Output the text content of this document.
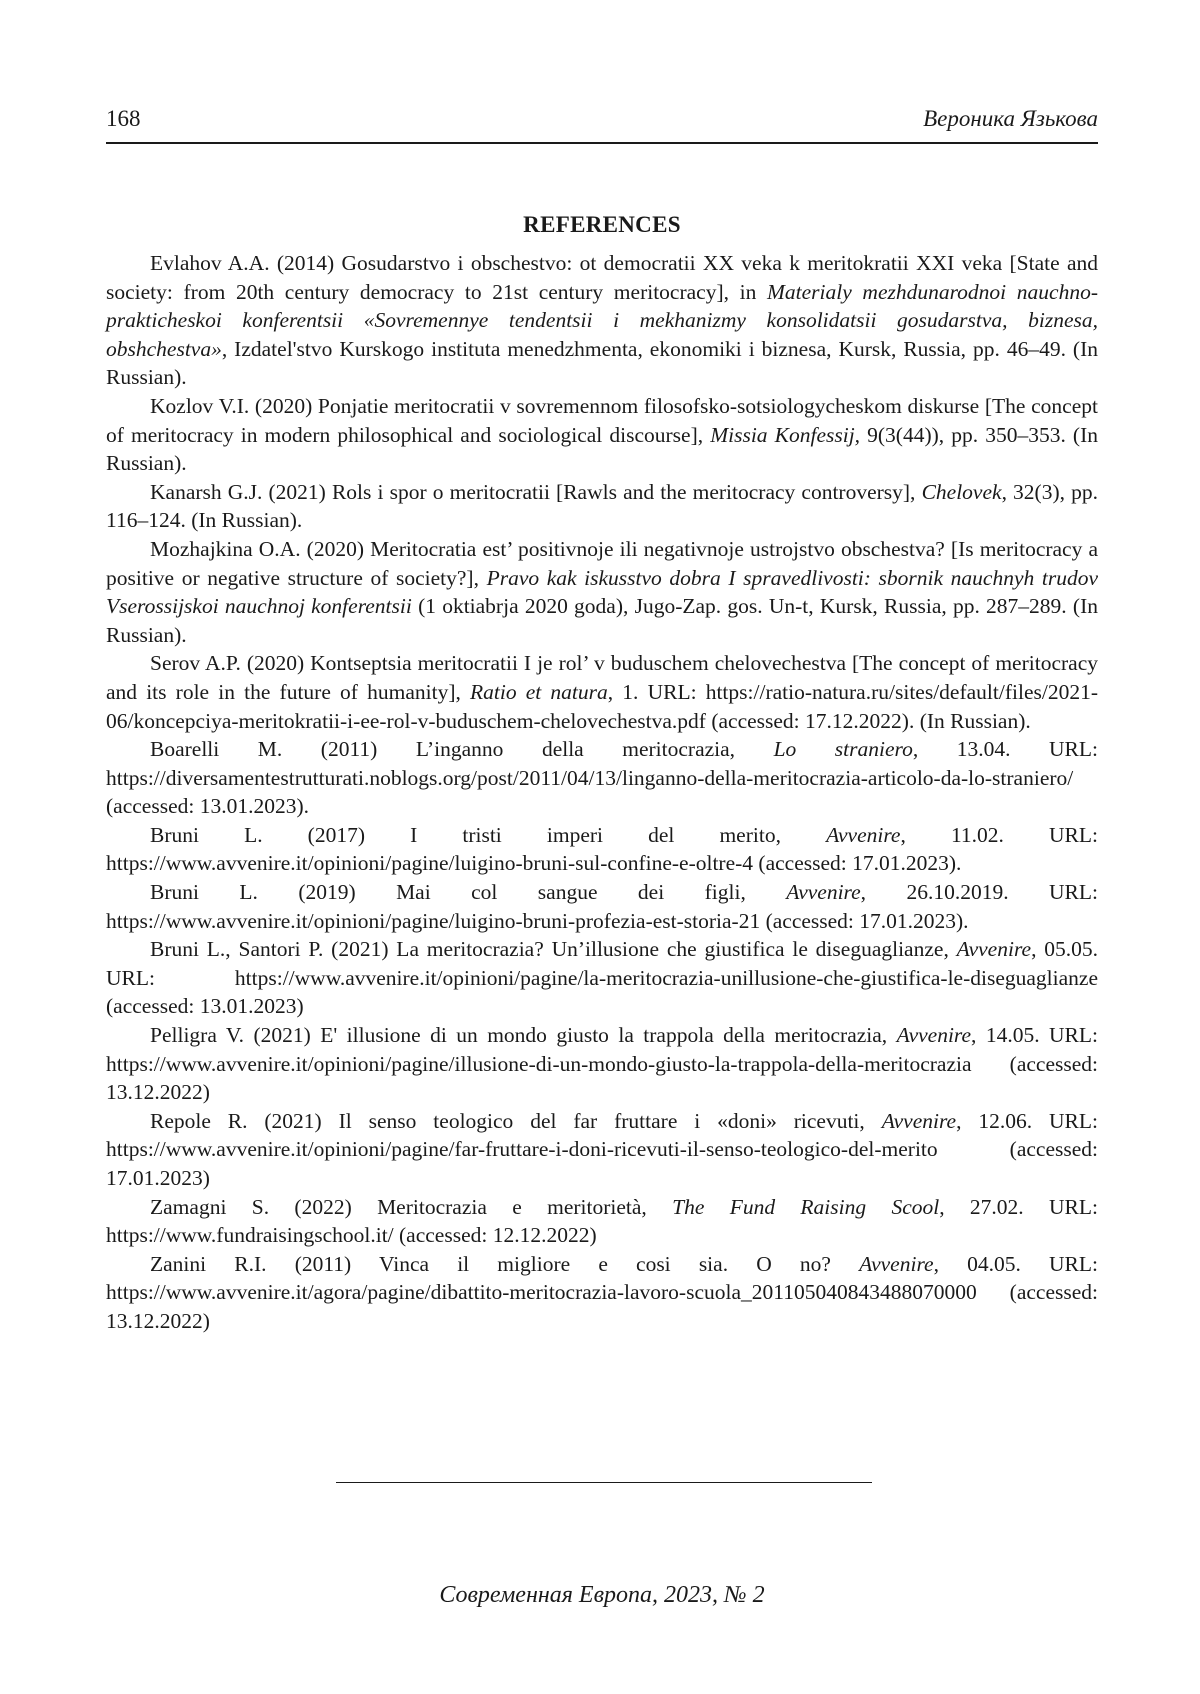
168	Вероника Язькова
REFERENCES

Evlahov A.A. (2014) Gosudarstvo i obschestvo: ot democratii XX veka k meritokratii XXI veka [State and society: from 20th century democracy to 21st century meritocracy], in Materialy mezhdunarodnoi nauchno-prakticheskoi konferentsii «Sovremennye tendentsii i mekhanizmy konsolidatsii gosudarstva, biznesa, obshchestva», Izdatel'stvo Kurskogo instituta menedzhmenta, ekonomiki i biznesa, Kursk, Russia, pp. 46–49. (In Russian).

Kozlov V.I. (2020) Ponjatie meritocratii v sovremennom filosofsko-sotsiologycheskom diskurse [The concept of meritocracy in modern philosophical and sociological discourse], Missia Konfessij, 9(3(44)), pp. 350–353. (In Russian).

Kanarsh G.J. (2021) Rols i spor o meritocratii [Rawls and the meritocracy controversy], Chelovek, 32(3), pp. 116–124. (In Russian).

Mozhajkina O.A. (2020) Meritocratia est’ positivnoje ili negativnoje ustrojstvo obschestva? [Is meritocracy a positive or negative structure of society?], Pravo kak iskusstvo dobra I spravedlivosti: sbornik nauchnyh trudov Vserossijskoi nauchnoj konferentsii (1 oktiabrja 2020 goda), Jugo-Zap. gos. Un-t, Kursk, Russia, pp. 287–289. (In Russian).

Serov A.P. (2020) Kontseptsia meritocratii I je rol’ v buduschem chelovechestva [The concept of meritocracy and its role in the future of humanity], Ratio et natura, 1. URL: https://ratio-natura.ru/sites/default/files/2021-06/koncepciya-meritokratii-i-ee-rol-v-buduschem-chelovechestva.pdf (accessed: 17.12.2022). (In Russian).

Boarelli M. (2011) L’inganno della meritocrazia, Lo straniero, 13.04. URL: https://diversamentestrutturati.noblogs.org/post/2011/04/13/linganno-della-meritocrazia-articolo-da-lo-straniero/ (accessed: 13.01.2023).

Bruni L. (2017) I tristi imperi del merito, Avvenire, 11.02. URL: https://www.avvenire.it/opinioni/pagine/luigino-bruni-sul-confine-e-oltre-4 (accessed: 17.01.2023).

Bruni L. (2019) Mai col sangue dei figli, Avvenire, 26.10.2019. URL: https://www.avvenire.it/opinioni/pagine/luigino-bruni-profezia-est-storia-21 (accessed: 17.01.2023).

Bruni L., Santori P. (2021) La meritocrazia? Un’illusione che giustifica le diseguaglianze, Avvenire, 05.05. URL: https://www.avvenire.it/opinioni/pagine/la-meritocrazia-unillusione-che-giustifica-le-diseguaglianze (accessed: 13.01.2023)

Pelligra V. (2021) E' illusione di un mondo giusto la trappola della meritocrazia, Avvenire, 14.05. URL: https://www.avvenire.it/opinioni/pagine/illusione-di-un-mondo-giusto-la-trappola-della-meritocrazia (accessed: 13.12.2022)

Repole R. (2021) Il senso teologico del far fruttare i «doni» ricevuti, Avvenire, 12.06. URL: https://www.avvenire.it/opinioni/pagine/far-fruttare-i-doni-ricevuti-il-senso-teologico-del-merito (accessed: 17.01.2023)

Zamagni S. (2022) Meritocrazia e meritorietà, The Fund Raising Scool, 27.02. URL: https://www.fundraisingschool.it/ (accessed: 12.12.2022)

Zanini R.I. (2011) Vinca il migliore e cosi sia. O no? Avvenire, 04.05. URL: https://www.avvenire.it/agora/pagine/dibattito-meritocrazia-lavoro-scuola_201105040843488070000 (accessed: 13.12.2022)

Современная Европа, 2023, № 2
